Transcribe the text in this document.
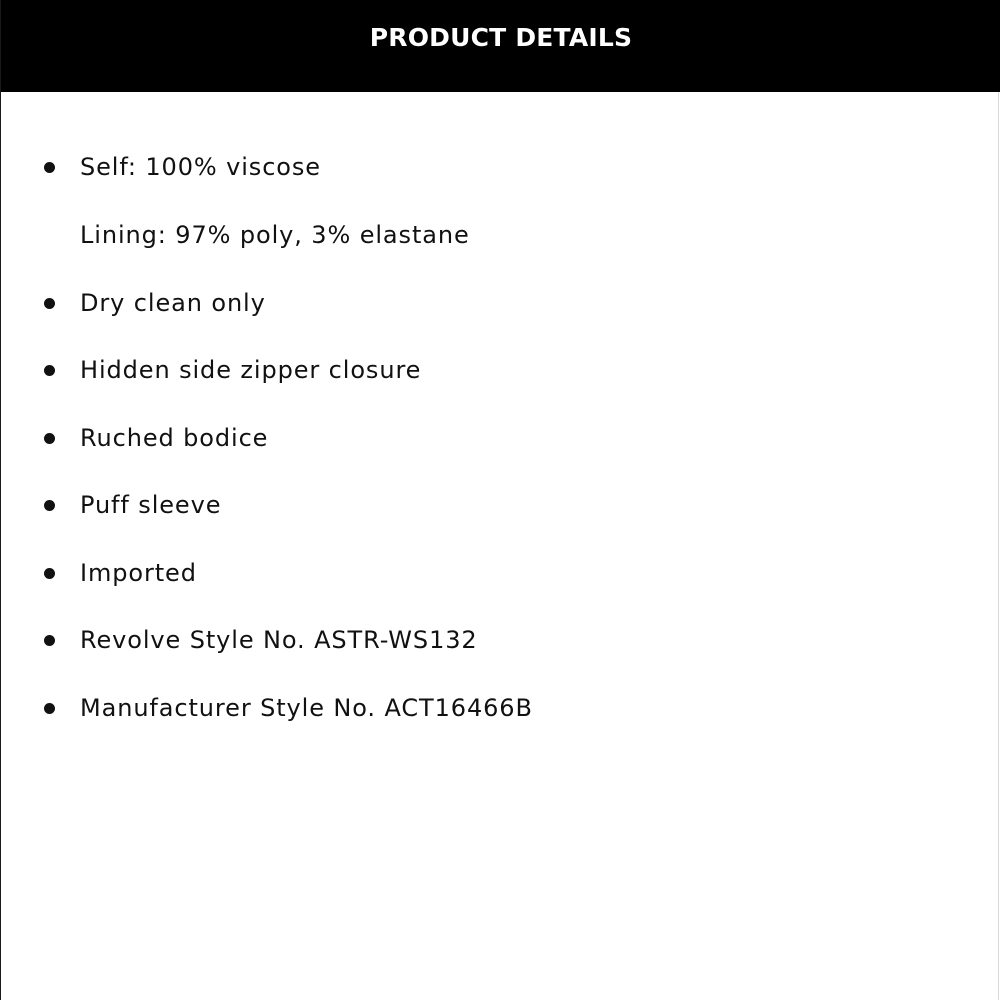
PRODUCT DETAILS
Self: 100% viscose
Lining: 97% poly, 3% elastane
Dry clean only
Hidden side zipper closure
Ruched bodice
Puff sleeve
Imported
Revolve Style No. ASTR-WS132
Manufacturer Style No. ACT16466B
